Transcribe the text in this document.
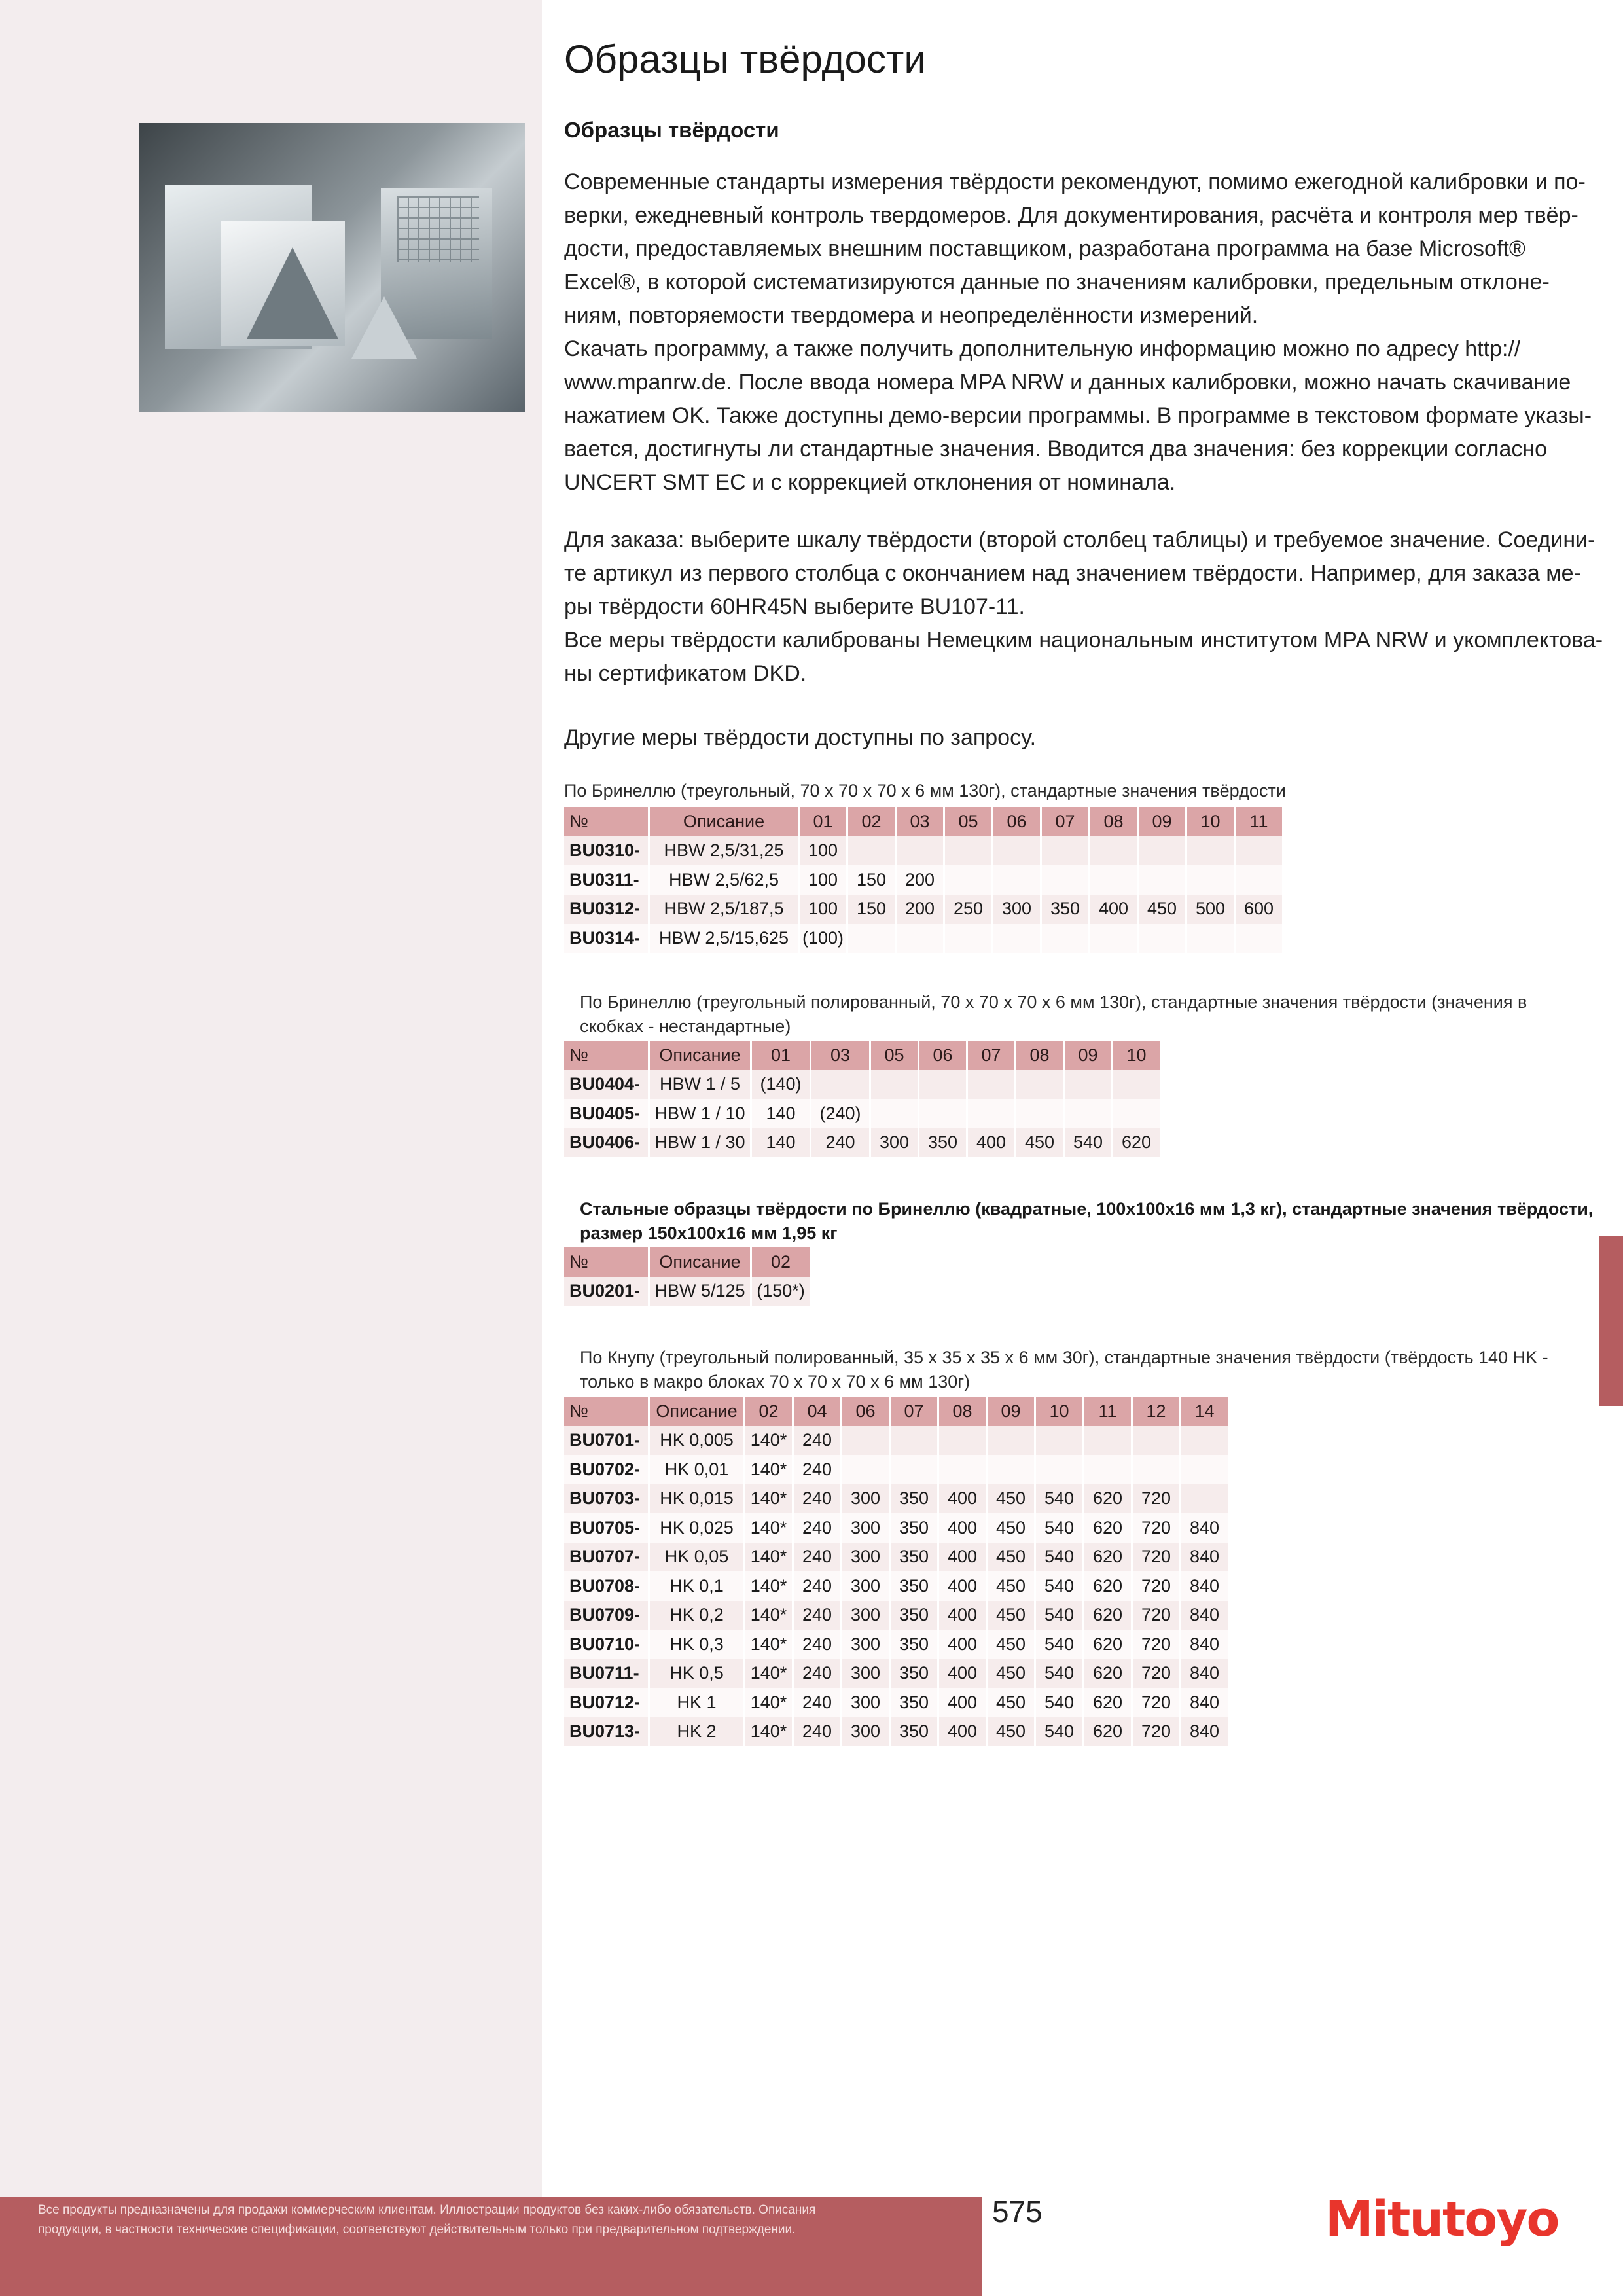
Образцы твёрдости
Образцы твёрдости
Современные стандарты измерения твёрдости рекомендуют, помимо ежегодной калибровки и по-
верки, ежедневный контроль твердомеров. Для документирования, расчёта и контроля мер твёр-
дости, предоставляемых внешним поставщиком, разработана программа на базе Microsoft®
Excel®, в которой систематизируются данные по значениям калибровки, предельным отклоне-
ниям, повторяемости твердомера и неопределённости измерений.
Скачать программу, а также получить дополнительную информацию можно по адресу http://
www.mpanrw.de. После ввода номера MPA NRW и данных калибровки, можно начать скачивание
нажатием OK. Также доступны демо-версии программы. В программе в текстовом формате указы-
вается, достигнуты ли стандартные значения. Вводится два значения: без коррекции согласно
UNCERT SMT EC и с коррекцией отклонения от номинала.
Для заказа: выберите шкалу твёрдости (второй столбец таблицы) и требуемое значение. Соедини-
те артикул из первого столбца с окончанием над значением твёрдости. Например, для заказа ме-
ры твёрдости 60HR45N выберите BU107-11.
Все меры твёрдости калиброваны Немецким национальным институтом MPA NRW и укомплектова-
ны сертификатом DKD.
Другие меры твёрдости доступны по запросу.
По Бринеллю (треугольный, 70 x 70 x 70 x 6 мм 130г), стандартные значения твёрдости
№	Описание	01	02	03	05	06	07	08	09	10	11
BU0310-	HBW 2,5/31,25	100									
BU0311-	HBW 2,5/62,5	100	150	200							
BU0312-	HBW 2,5/187,5	100	150	200	250	300	350	400	450	500	600
BU0314-	HBW 2,5/15,625	(100)									
По Бринеллю (треугольный полированный, 70 x 70 x 70 x 6 мм 130г), стандартные значения твёрдости (значения в
скобках - нестандартные)
№	Описание	01	03	05	06	07	08	09	10
BU0404-	HBW 1 / 5	(140)							
BU0405-	HBW 1 / 10	140	(240)						
BU0406-	HBW 1 / 30	140	240	300	350	400	450	540	620
Стальные образцы твёрдости по Бринеллю (квадратные, 100x100x16 мм 1,3 кг), стандартные значения твёрдости,
размер 150x100x16 мм 1,95 кг
№	Описание	02
BU0201-	HBW 5/125	(150*)
По Кнупу (треугольный полированный, 35 x 35 x 35 x 6 мм 30г), стандартные значения твёрдости (твёрдость 140 HK -
только в макро блоках 70 x 70 x 70 x 6 мм 130г)
№	Описание	02	04	06	07	08	09	10	11	12	14
BU0701-	HK 0,005	140*	240								
BU0702-	HK 0,01	140*	240								
BU0703-	HK 0,015	140*	240	300	350	400	450	540	620	720	
BU0705-	HK 0,025	140*	240	300	350	400	450	540	620	720	840
BU0707-	HK 0,05	140*	240	300	350	400	450	540	620	720	840
BU0708-	HK 0,1	140*	240	300	350	400	450	540	620	720	840
BU0709-	HK 0,2	140*	240	300	350	400	450	540	620	720	840
BU0710-	HK 0,3	140*	240	300	350	400	450	540	620	720	840
BU0711-	HK 0,5	140*	240	300	350	400	450	540	620	720	840
BU0712-	HK 1	140*	240	300	350	400	450	540	620	720	840
BU0713-	HK 2	140*	240	300	350	400	450	540	620	720	840
Все продукты предназначены для продажи коммерческим клиентам. Иллюстрации продуктов без каких-либо обязательств. Описания
продукции, в частности технические спецификации, соответствуют действительным только при предварительном подтверждении.
575	Mitutoyo
